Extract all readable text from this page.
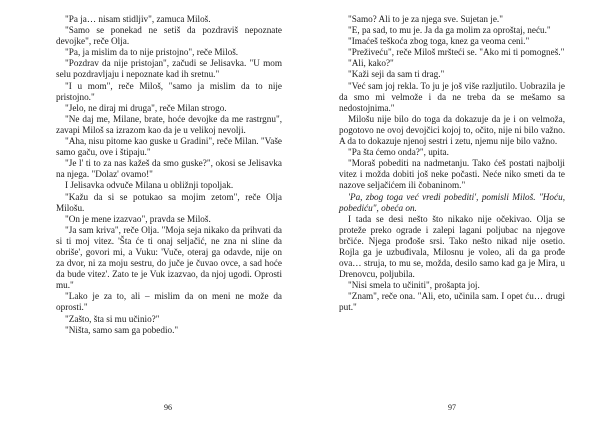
"Pa ja… nisam stidljiv", zamuca Miloš.

"Samo se ponekad ne setiš da pozdraviš nepoznate devojke", reče Olja.

"Pa, ja mislim da to nije pristojno", reče Miloš.

"Pozdrav da nije pristojan", začudi se Jelisavka. "U mom selu pozdravljaju i nepoznate kad ih sretnu."

"I u mom", reče Miloš, "samo ja mislim da to nije pristojno."

"Jelo, ne diraj mi druga", reče Milan strogo.

"Ne daj me, Milane, brate, hoće devojke da me rastrgnu", zavapi Miloš sa izrazom kao da je u velikoj nevolji.

"Aha, nisu pitome kao guske u Gradini", reče Milan. "Vaše samo gaču, ove i štipaju."

"Je l' ti to za nas kažeš da smo guske?", okosi se Jelisavka na njega. "Dolaz' ovamo!"

I Jelisavka odvuče Milana u obližnji topoljak.

"Kažu da si se potukao sa mojim zetom", reče Olja Milošu.

"On je mene izazvao", pravda se Miloš.

"Ja sam kriva", reče Olja. "Moja seja nikako da prihvati da si ti moj vitez. 'Šta će ti onaj seljačić, ne zna ni sline da obriše', govori mi, a Vuku: 'Vuče, oteraj ga odavde, nije on za dvor, ni za moju sestru, do juče je čuvao ovce, a sad hoće da bude vitez'. Zato te je Vuk izazvao, da njoj ugodi. Oprosti mu."

"Lako je za to, ali – mislim da on meni ne može da oprosti."

"Zašto, šta si mu učinio?"

"Ništa, samo sam ga pobedio."

96

"Samo? Ali to je za njega sve. Sujetan je."

"E, pa sad, to mu je. Ja da ga molim za oproštaj, neću."

"Imaćeš teškoća zbog toga, knez ga veoma ceni."

"Preživeću", reče Miloš mršteći se. "Ako mi ti pomogneš."

"Ali, kako?"

"Kaži seji da sam ti drag."

"Već sam joj rekla. To ju je još više razljutilo. Uobrazila je da smo mi velmože i da ne treba da se mešamo sa nedostojnima."

Milošu nije bilo do toga da dokazuje da je i on velmoža, pogotovo ne ovoj devojčici kojoj to, očito, nije ni bilo važno. A da to dokazuje njenoj sestri i zetu, njemu nije bilo važno.

"Pa šta ćemo onda?", upita.

"Moraš pobediti na nadmetanju. Tako ćeš postati najbolji vitez i možda dobiti još neke počasti. Neće niko smeti da te nazove seljačićem ili čobaninom."

'Pa, zbog toga već vredi pobediti', pomisli Miloš. "Hoću, pobediću", obeća on.

I tada se desi nešto što nikako nije očekivao. Olja se protežе preko ograde i zalepi lagani poljubac na njegove brčiće. Njega prođoše srsi. Tako nešto nikad nije osetio. Rojla ga je uzbuđivala, Milosnu je voleo, ali da ga prođe ova… struja, to mu se, možda, desilo samo kad ga je Mira, u Drenovcu, poljubila.

"Nisi smela to učiniti", prošapta joj.

"Znam", reče ona. "Ali, eto, učinila sam. I opet ću… drugi put."

97
